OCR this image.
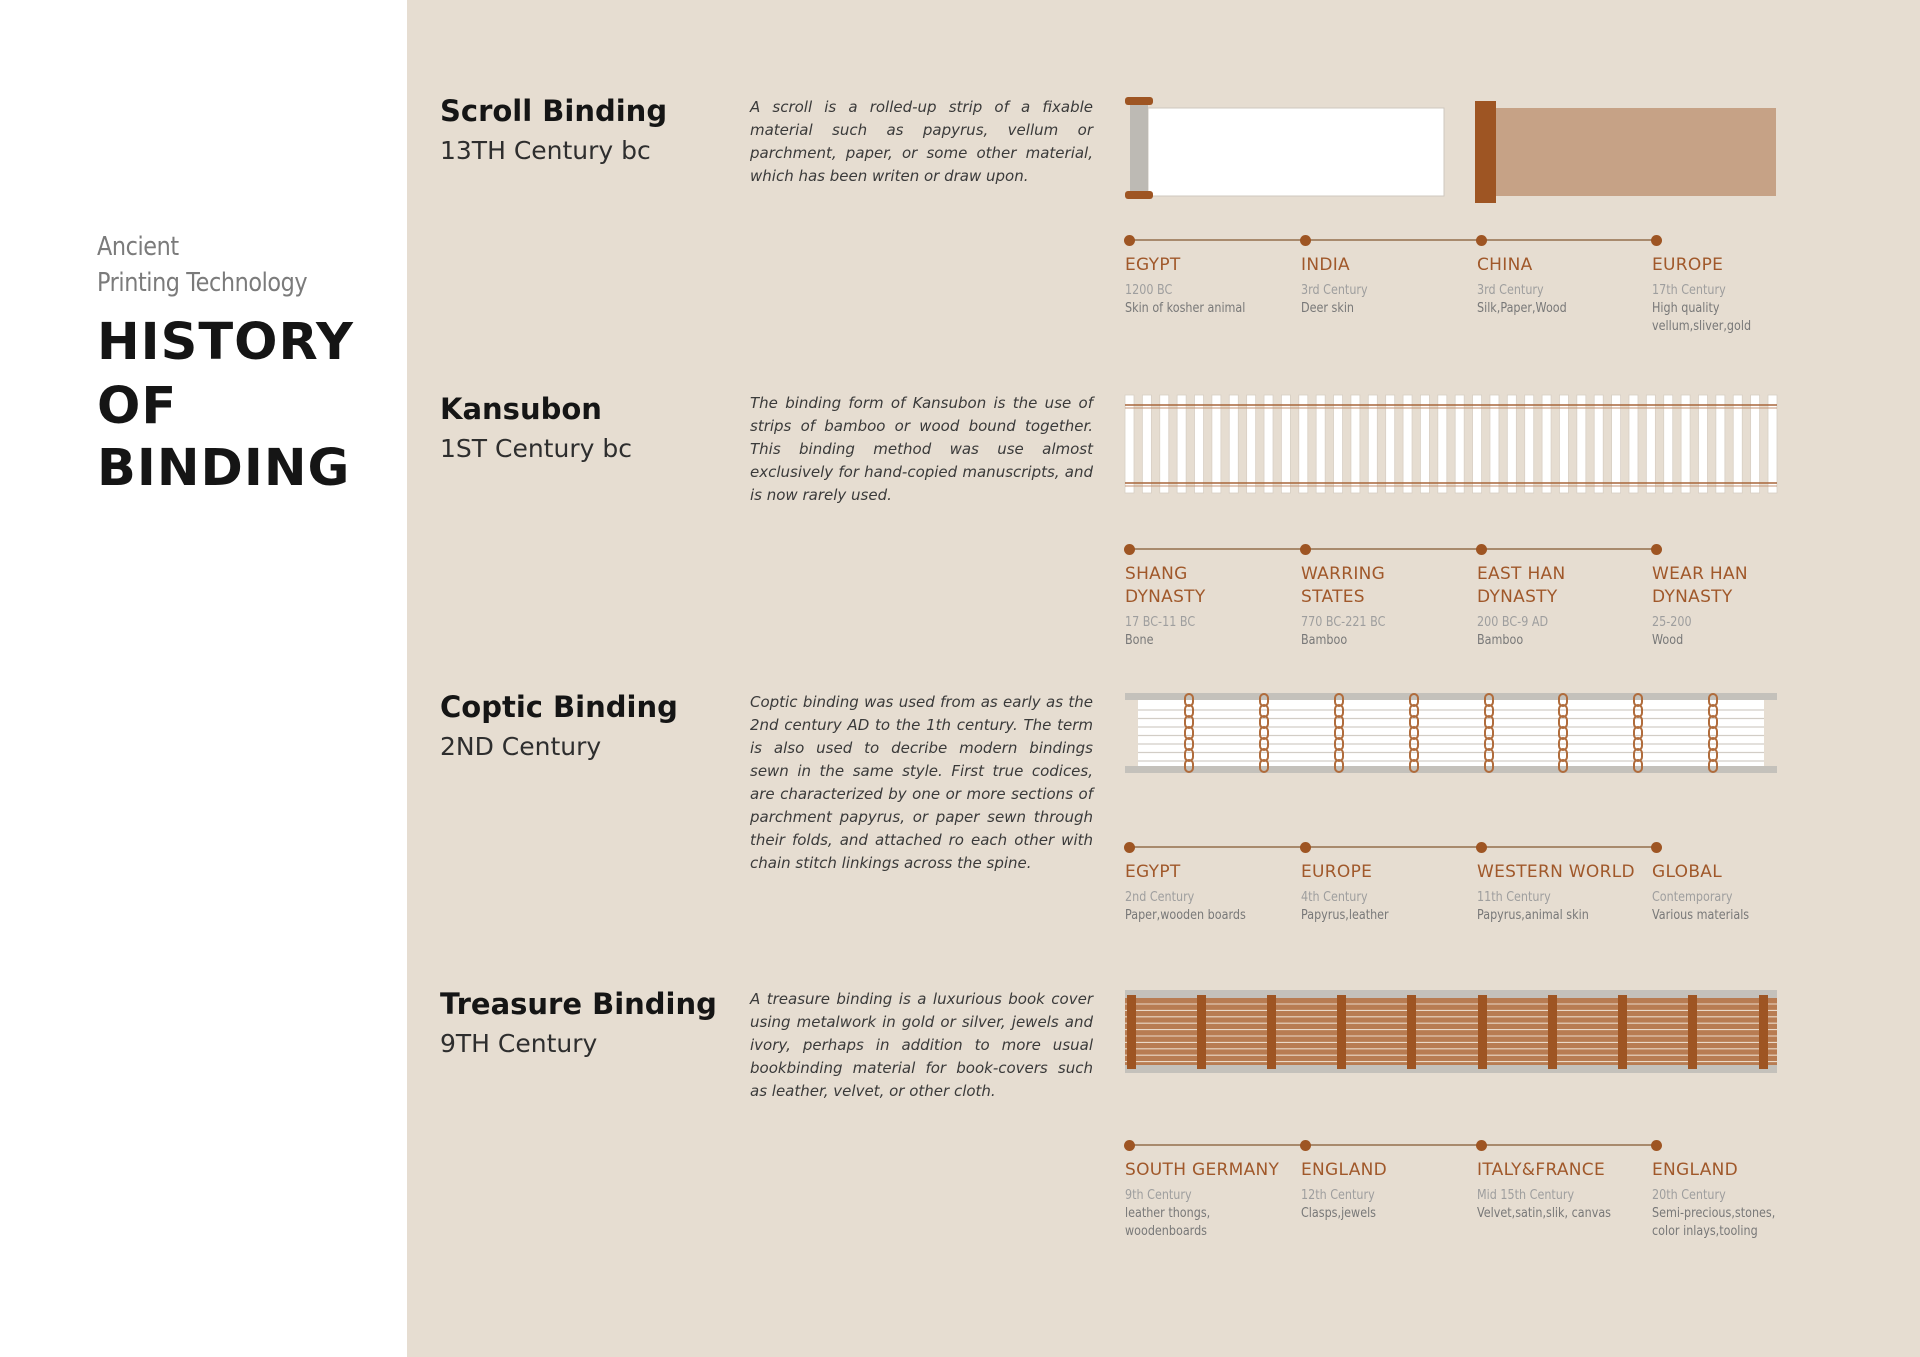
Ancient
Printing Technology
HISTORY
OF
BINDING
Scroll Binding
13TH Century bc
Kansubon
1ST Century bc
Coptic Binding
2ND Century
Treasure Binding
9TH Century
A scroll is a rolled-up strip of a fixable material such as papyrus, vellum or parchment, paper, or some other material, which has been writen or draw upon.
The binding form of Kansubon is the use of strips of bamboo or wood bound together. This binding method was use almost exclusively for hand-copied manuscripts, and is now rarely used.
Coptic binding was used from as early as the 2nd century AD to the 1th century. The term is also used to decribe modern bindings sewn in the same style. First true codices, are characterized by one or more sections of parchment papyrus, or paper sewn through their folds, and attached ro each other with chain stitch linkings across the spine.
A treasure binding is a luxurious book cover using metalwork in gold or silver, jewels and ivory, perhaps in addition to more usual bookbinding material for book-covers such as leather, velvet, or other cloth.
EGYPT
1200 BC
Skin of kosher animal
INDIA
3rd Century
Deer skin
CHINA
3rd Century
Silk,Paper,Wood
EUROPE
17th Century
High quality
vellum,sliver,gold
SHANG
DYNASTY
17 BC-11 BC
Bone
WARRING
STATES
770 BC-221 BC
Bamboo
EAST HAN
DYNASTY
200 BC-9 AD
Bamboo
WEAR HAN
DYNASTY
25-200
Wood
EGYPT
2nd Century
Paper,wooden boards
EUROPE
4th Century
Papyrus,leather
WESTERN WORLD
11th Century
Papyrus,animal skin
GLOBAL
Contemporary
Various materials
SOUTH GERMANY
9th Century
leather thongs,
woodenboards
ENGLAND
12th Century
Clasps,jewels
ITALY&FRANCE
Mid 15th Century
Velvet,satin,slik, canvas
ENGLAND
20th Century
Semi-precious,stones,
color inlays,tooling
